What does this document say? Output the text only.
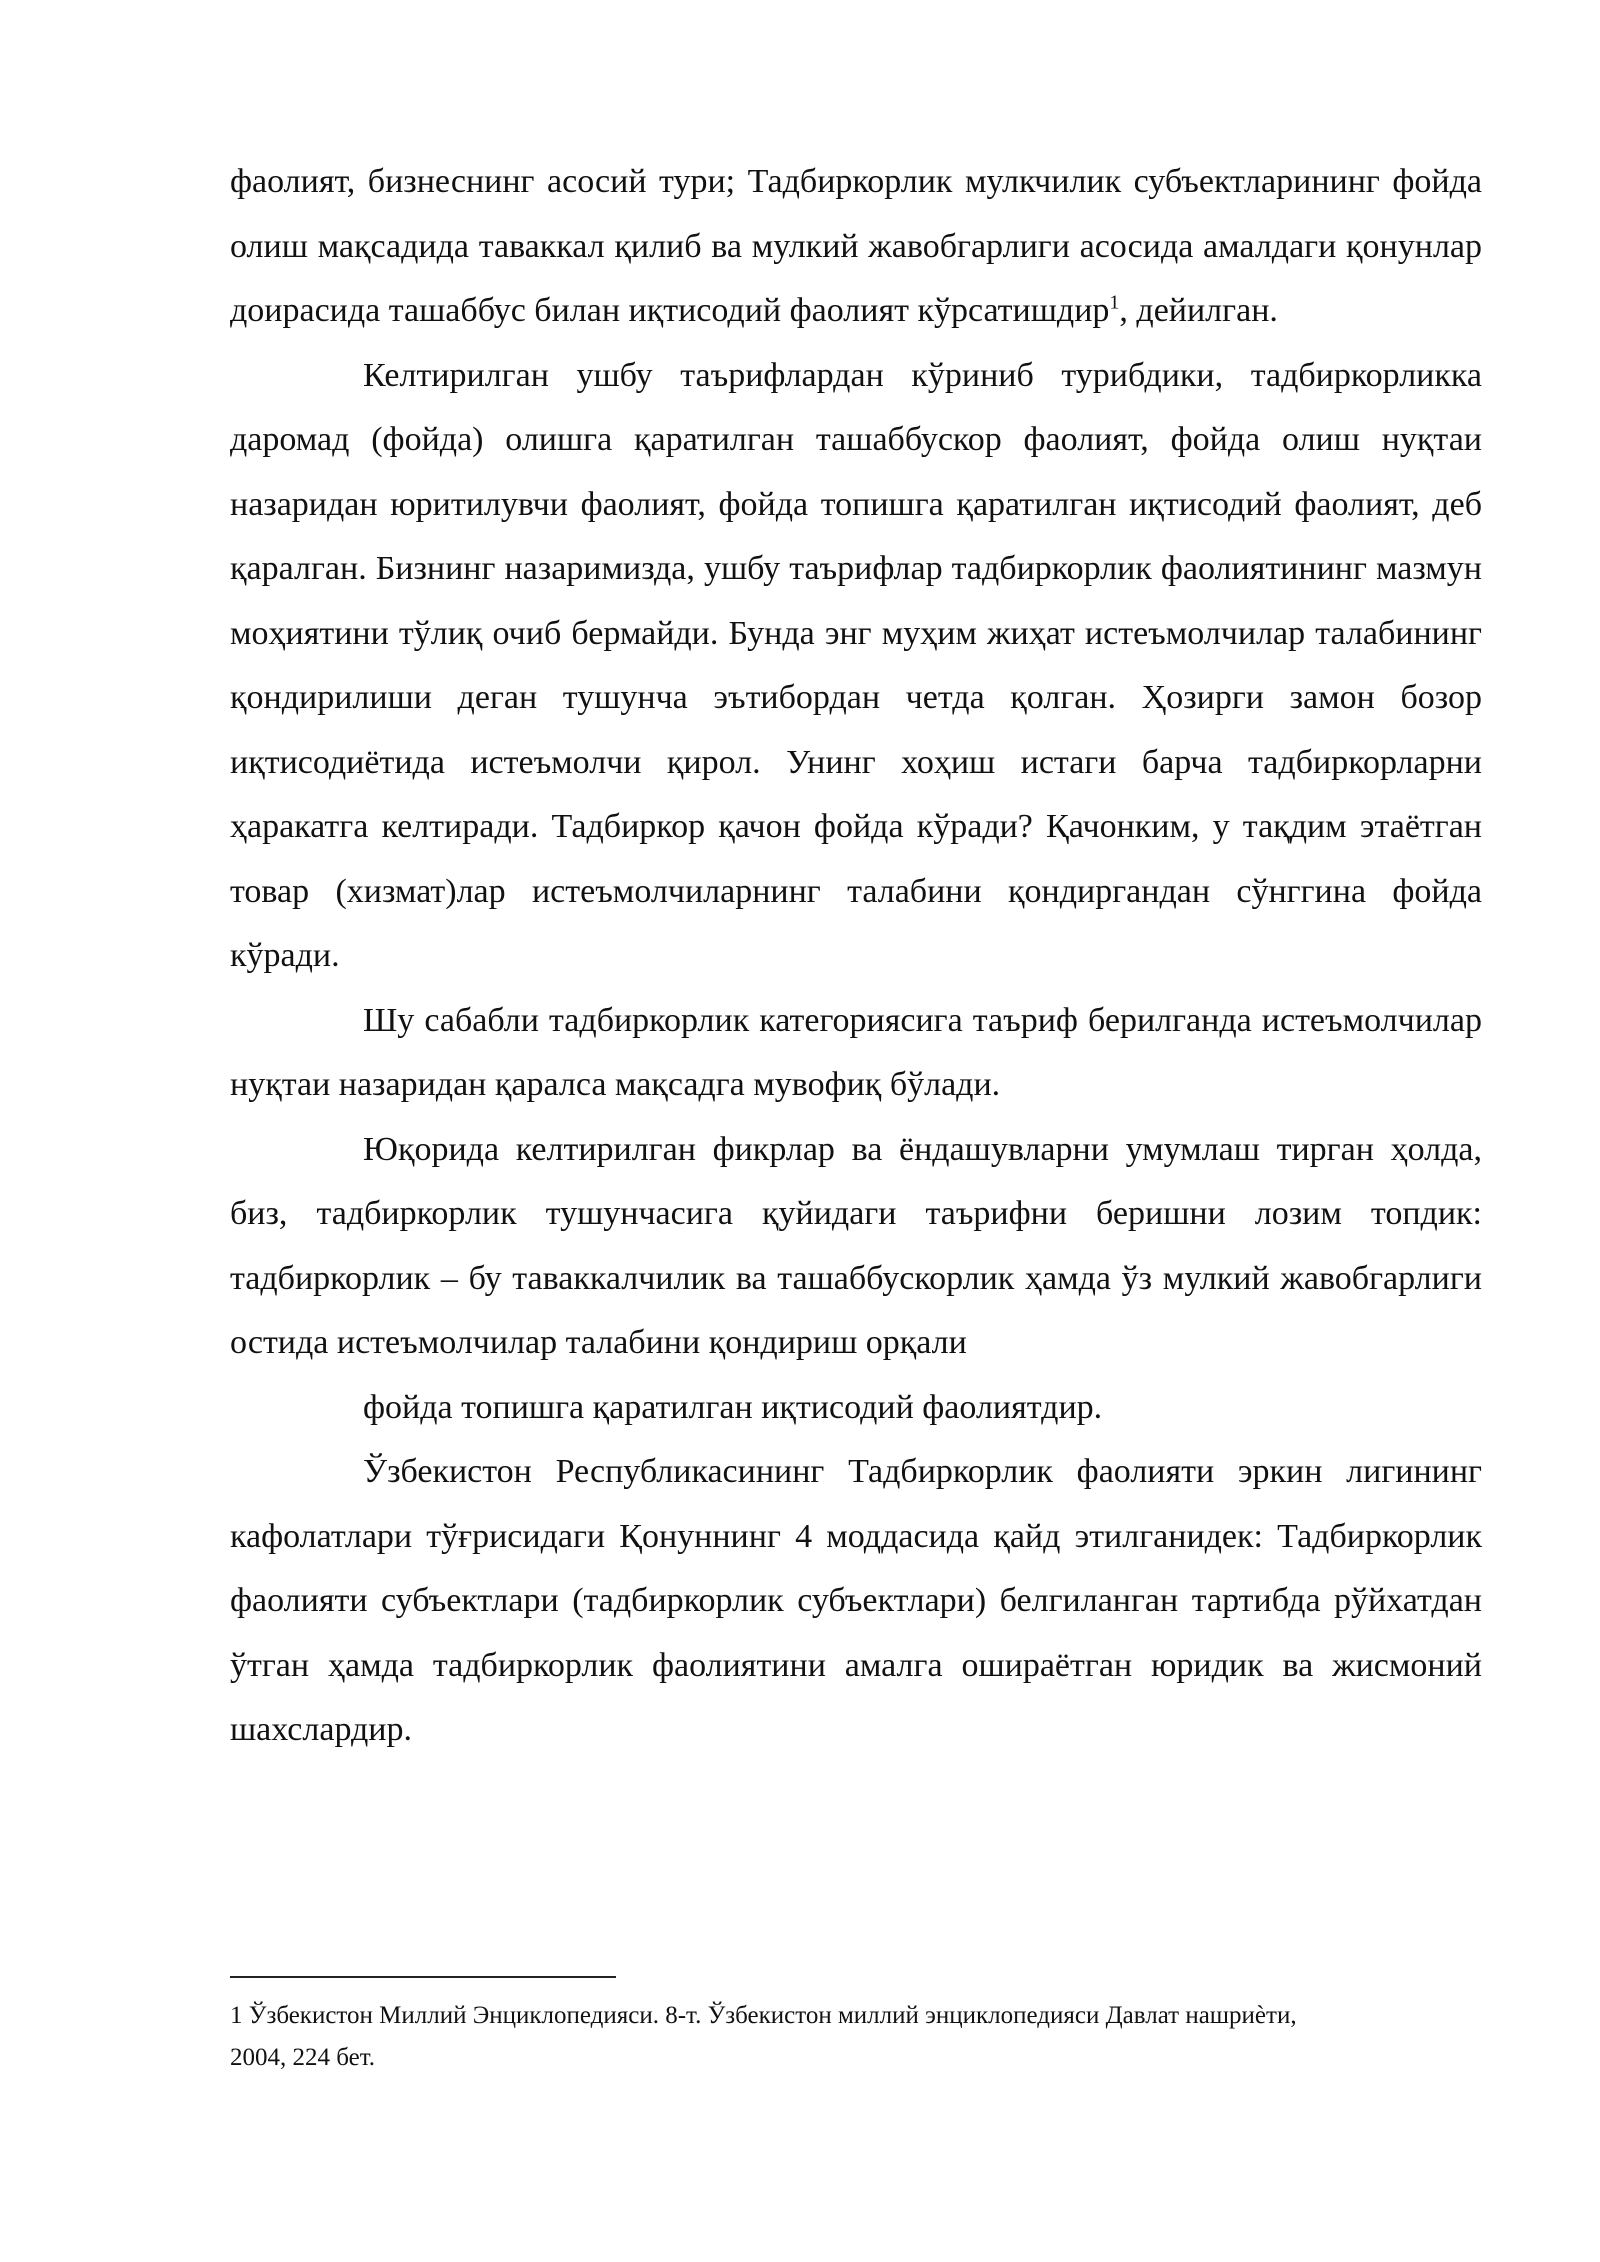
фаолият, бизнеснинг асосий тури; Тадбиркорлик мулкчилик субъектларининг фойда олиш мақсадида таваккал қилиб ва мулкий жавобгарлиги асосида амалдаги қонунлар доирасида ташаббус билан иқтисодий фаолият кўрсатишдир$^1$, дейилган.

Келтирилган ушбу таърифлардан кўриниб турибдики, тадбиркорликка даромад (фойда) олишга қаратилган ташаббускор фаолият, фойда олиш нуқтаи назаридан юритилувчи фаолият, фойда топишга қаратилган иқтисодий фаолият, деб қаралган. Бизнинг назаримизда, ушбу таърифлар тадбиркорлик фаолиятининг мазмун моҳиятини тўлиқ очиб бермайди. Бунда энг муҳим жиҳат истеъмолчилар талабининг қондирилиши деган тушунча эътибордан четда қолган. Ҳозирги замон бозор иқтисодиётида истеъмолчи қирол. Унинг хоҳиш истаги барча тадбиркорларни ҳаракатга келтиради. Тадбиркор қачон фойда кўради? Қачонким, у тақдим этаётган товар (хизмат)лар истеъмолчиларнинг талабини қондиргандан сўнггина фойда кўради.

Шу сабабли тадбиркорлик категориясига таъриф берилганда истеъмолчилар нуқтаи назаридан қаралса мақсадга мувофиқ бўлади.

Юқорида келтирилган фикрлар ва ёндашувларни умумлаш тирган ҳолда, биз, тадбиркорлик тушунчасига қуйидаги таърифни беришни лозим топдик: тадбиркорлик – бу таваккалчилик ва ташаббускорлик ҳамда ўз мулкий жавобгарлиги остида истеъмолчилар талабини қондириш орқали

фойда топишга қаратилган иқтисодий фаолиятдир.

Ўзбекистон Республикасининг Тадбиркорлик фаолияти эркин лигининг кафолатлари тўғрисидаги Қонуннинг 4 моддасида қайд этилганидек: Тадбиркорлик фаолияти субъектлари (тадбиркорлик субъектлари) белгиланган тартибда рўйхатдан ўтган ҳамда тадбиркорлик фаолиятини амалга ошираётган юридик ва жисмоний шахслардир.

1 Ўзбекистон Миллий Энциклопедияси. 8-т. Ўзбекистон миллий энциклопедияси Давлат нашриѐти,

2004, 224 бет.
